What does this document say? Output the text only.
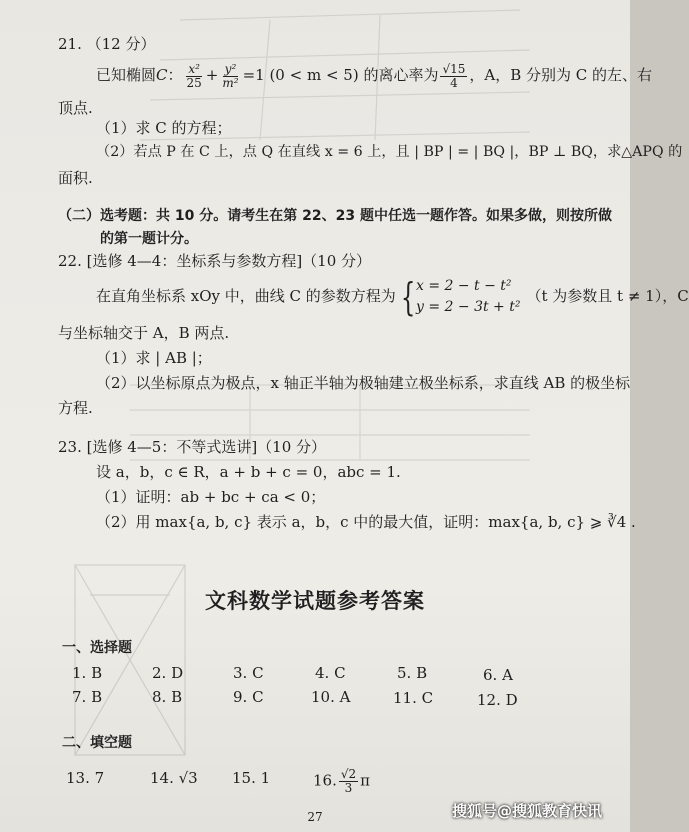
21. （12 分）
已知椭圆C： $\frac{\text{x²}}{25} + \frac{\text{y²}}{\text{m²}} =1$ (0 < m < 5) 的离心率为 $\frac{√15}{4}$ ，A，B 分别为 C 的左、右
顶点.
（1）求 C 的方程；
（2）若点 P 在 C 上，点 Q 在直线 x = 6 上，且 | BP | = | BQ |，BP ⊥ BQ，求△APQ 的
面积.
（二）选考题：共 10 分。请考生在第 22、23 题中任选一题作答。如果多做，则按所做
的第一题计分。
22. [选修 4—4：坐标系与参数方程]（10 分）
在直角坐标系 xOy 中，曲线 C 的参数方程为 { x = 2 − t − t²
y = 2 − 3t + t²
（t 为参数且 t ≠ 1），C
与坐标轴交于 A，B 两点.
（1）求 | AB |；
（2）以坐标原点为极点，x 轴正半轴为极轴建立极坐标系，求直线 AB 的极坐标
方程.
23. [选修 4—5：不等式选讲]（10 分）
设 a，b，c ∈ R，a + b + c = 0，abc = 1.
（1）证明：ab + bc + ca < 0；
（2）用 max{a, b, c} 表示 a，b，c 中的最大值，证明：max{a, b, c} ⩾ ∛4 .
文科数学试题参考答案
一、选择题
1. B	2. D	3. C	4. C	5. B	6. A
7. B	8. B	9. C	10. A	11. C	12. D
二、填空题
13. 7	14. √3 15. 1	16. $\frac{√2}{3}$ π
27	搜狐号@搜狐教育快讯
